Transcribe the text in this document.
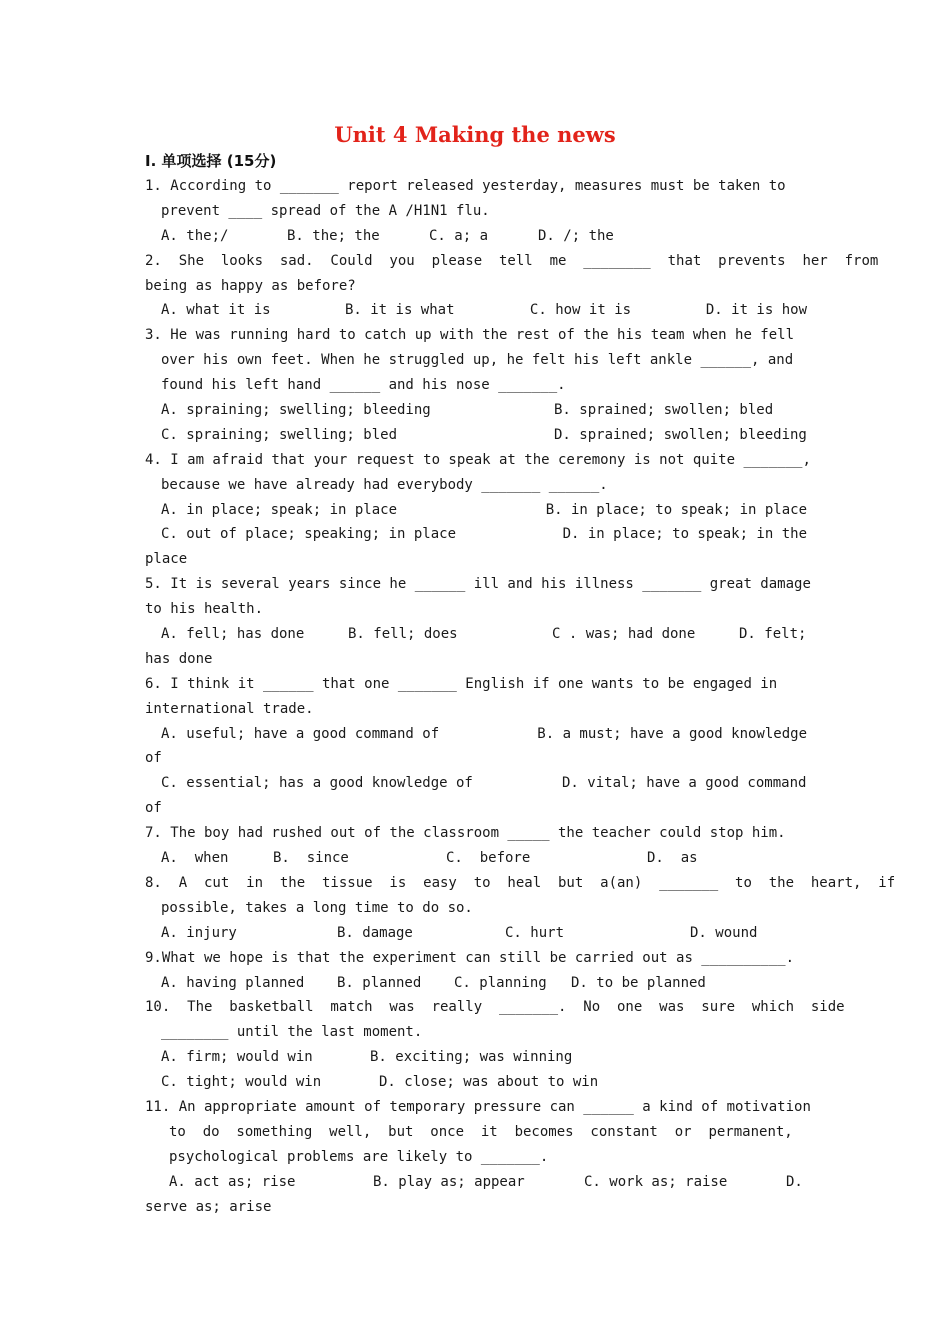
Unit 4 Making the news
I. 单项选择 (15分)
1. According to _______ report released yesterday, measures must be taken to
prevent ____ spread of the A /H1N1 flu.
A. the;/	B. the; the	C. a; a	D. /; the
2.  She  looks  sad.  Could  you  please  tell  me  ________  that  prevents  her  from
being as happy as before?
A. what it is	B. it is what	C. how it is	D. it is how
3. He was running hard to catch up with the rest of the his team when he fell
over his own feet. When he struggled up, he felt his left ankle ______, and
found his left hand ______ and his nose _______.
A. spraining; swelling; bleeding	B. sprained; swollen; bled
C. spraining; swelling; bled	D. sprained; swollen; bleeding
4. I am afraid that your request to speak at the ceremony is not quite _______,
because we have already had everybody _______ ______.
A. in place; speak; in place	B. in place; to speak; in place
C. out of place; speaking; in place	D. in place; to speak; in the
place
5. It is several years since he ______ ill and his illness _______ great damage
to his health.
A. fell; has done	B. fell; does	C . was; had done	D. felt;
has done
6. I think it ______ that one _______ English if one wants to be engaged in
international trade.
A. useful; have a good command of	B. a must; have a good knowledge
of
C. essential; has a good knowledge of	D. vital; have a good command
of
7. The boy had rushed out of the classroom _____ the teacher could stop him.
A.  when	B.  since	C.  before	D.  as
8.  A  cut  in  the  tissue  is  easy  to  heal  but  a(an)  _______  to  the  heart,  if
possible, takes a long time to do so.
A. injury	B. damage	C. hurt	D. wound
9.What we hope is that the experiment can still be carried out as __________.
A. having planned	B. planned	C. planning	D. to be planned
10.  The  basketball  match  was  really  _______.  No  one  was  sure  which  side
________ until the last moment.
A. firm; would win	B. exciting; was winning
C. tight; would win	D. close; was about to win
11. An appropriate amount of temporary pressure can ______ a kind of motivation
to  do  something  well,  but  once  it  becomes  constant  or  permanent,
psychological problems are likely to _______.
A. act as; rise	B. play as; appear	C. work as; raise	D.
serve as; arise
